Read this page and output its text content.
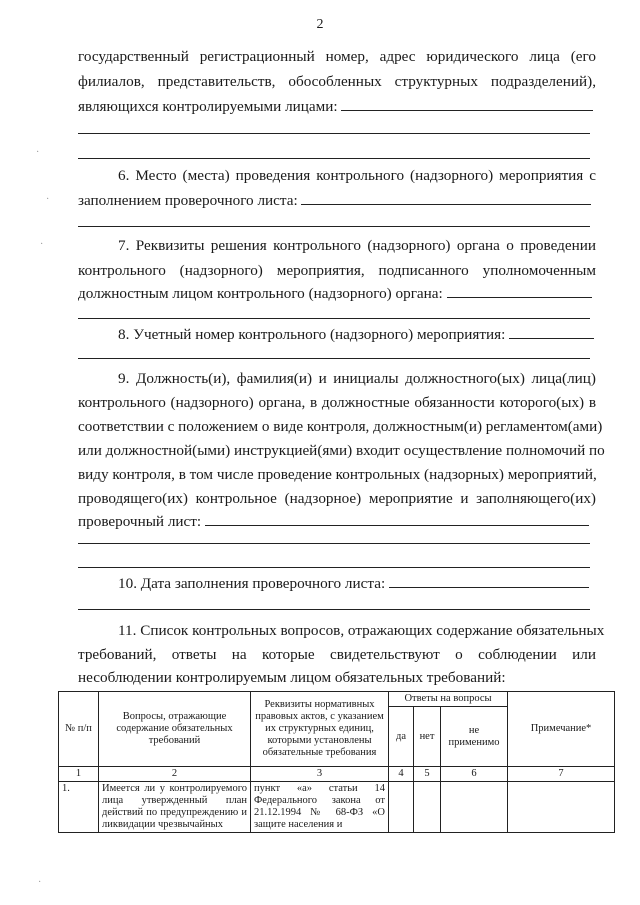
2
государственный регистрационный номер, адрес юридического лица (его
филиалов, представительств, обособленных структурных подразделений),
являющихся контролируемыми лицами:
6. Место (места) проведения контрольного (надзорного) мероприятия с
заполнением проверочного листа:
7. Реквизиты решения контрольного (надзорного) органа о проведении
контрольного (надзорного) мероприятия, подписанного уполномоченным
должностным лицом контрольного (надзорного) органа:
8. Учетный номер контрольного (надзорного) мероприятия:
9. Должность(и), фамилия(и) и инициалы должностного(ых) лица(лиц)
контрольного (надзорного) органа, в должностные обязанности которого(ых) в
соответствии с положением о виде контроля, должностным(и) регламентом(ами)
или должностной(ыми) инструкцией(ями) входит осуществление полномочий по
виду контроля, в том числе проведение контрольных (надзорных) мероприятий,
проводящего(их) контрольное (надзорное) мероприятие и заполняющего(их)
проверочный лист:
10. Дата заполнения проверочного листа:
11. Список контрольных вопросов, отражающих содержание обязательных
требований, ответы на которые свидетельствуют о соблюдении или
несоблюдении контролируемым лицом обязательных требований:
№ п/п	Вопросы, отражающие содержание обязательных требований	Реквизиты нормативных правовых актов, с указанием их структурных единиц, которыми установлены обязательные требования	Ответы на вопросы			Примечание*
			да	нет	не применимо	
1	2	3	4	5	6	7
1.	Имеется ли у контролируемого лица утвержденный план действий по предупреждению и ликвидации чрезвычайных	пункт «а» статьи 14 Федерального закона от 21.12.1994 № 68-ФЗ «О защите населения и				
·
·
·
·
